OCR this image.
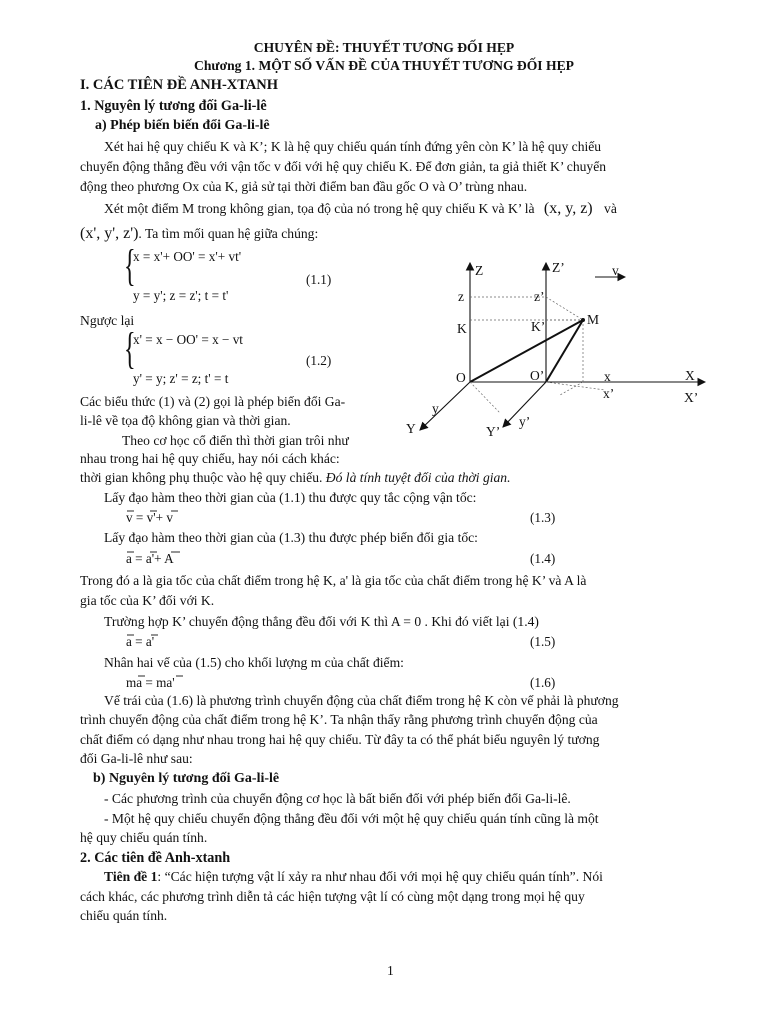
CHUYÊN ĐỀ: THUYẾT TƯƠNG ĐỐI HẸP
Chương 1. MỘT SỐ VẤN ĐỀ CỦA THUYẾT TƯƠNG ĐỐI HẸP
I. CÁC TIÊN ĐỀ ANH-XTANH
1. Nguyên lý tương đối Ga-li-lê
a) Phép biến biến đổi Ga-li-lê
Xét hai hệ quy chiếu K và K’; K là hệ quy chiếu quán tính đứng yên còn K’ là hệ quy chiếu
chuyển động thẳng đều với vận tốc v đối với hệ quy chiếu K. Để đơn giản, ta giả thiết K’ chuyển
động theo phương Ox của K, giả sử tại thời điểm ban đầu gốc O và O’ trùng nhau.
Xét một điểm M trong không gian, tọa độ của nó trong hệ quy chiếu K và K’ là (x, y, z) và
(x', y', z'). Ta tìm mối quan hệ giữa chúng:
{
x = x'+ OO' = x'+ vt'
y = y'; z = z'; t = t'
(1.1)
Ngược lại
{
x' = x − OO' = x − vt
y' = y; z' = z; t' = t
(1.2)
Các biểu thức (1) và (2) gọi là phép biến đổi Ga-
li-lê về tọa độ không gian và thời gian.
Theo cơ học cổ điển thì thời gian trôi như
nhau trong hai hệ quy chiếu, hay nói cách khác:
thời gian không phụ thuộc vào hệ quy chiếu. Đó là tính tuyệt đối của thời gian.
Lấy đạo hàm theo thời gian của (1.1) thu được quy tắc cộng vận tốc:
v = v'+ v	(1.3)
Lấy đạo hàm theo thời gian của (1.3) thu được phép biến đổi gia tốc:
a = a'+ A	(1.4)
Trong đó a là gia tốc của chất điểm trong hệ K, a' là gia tốc của chất điểm trong hệ K’ và A là
gia tốc của K’ đối với K.
Trường hợp K’ chuyển động thẳng đều đối với K thì A = 0 . Khi đó viết lại (1.4)
a = a'	(1.5)
Nhân hai vế của (1.5) cho khối lượng m của chất điểm:
ma = ma'	(1.6)
Vế trái của (1.6) là phương trình chuyển động của chất điểm trong hệ K còn vế phải là phương
trình chuyển động của chất điểm trong hệ K’. Ta nhận thấy rằng phương trình chuyển động của
chất điểm có dạng như nhau trong hai hệ quy chiếu. Từ đây ta có thể phát biểu nguyên lý tương
đối Ga-li-lê như sau:
b) Nguyên lý tương đối Ga-li-lê
- Các phương trình của chuyển động cơ học là bất biến đối với phép biến đổi Ga-li-lê.
- Một hệ quy chiếu chuyển động thẳng đều đối với một hệ quy chiếu quán tính cũng là một
hệ quy chiếu quán tính.
2. Các tiên đề Anh-xtanh
Tiên đề 1: “Các hiện tượng vật lí xảy ra như nhau đối với mọi hệ quy chiếu quán tính”. Nói
cách khác, các phương trình diễn tả các hiện tượng vật lí có cùng một dạng trong mọi hệ quy
chiếu quán tính.
1
Z	Z’	v
z	z’
K	K’	M
O	O’	x	X
x’	X’
y
Y	Y’
y’
